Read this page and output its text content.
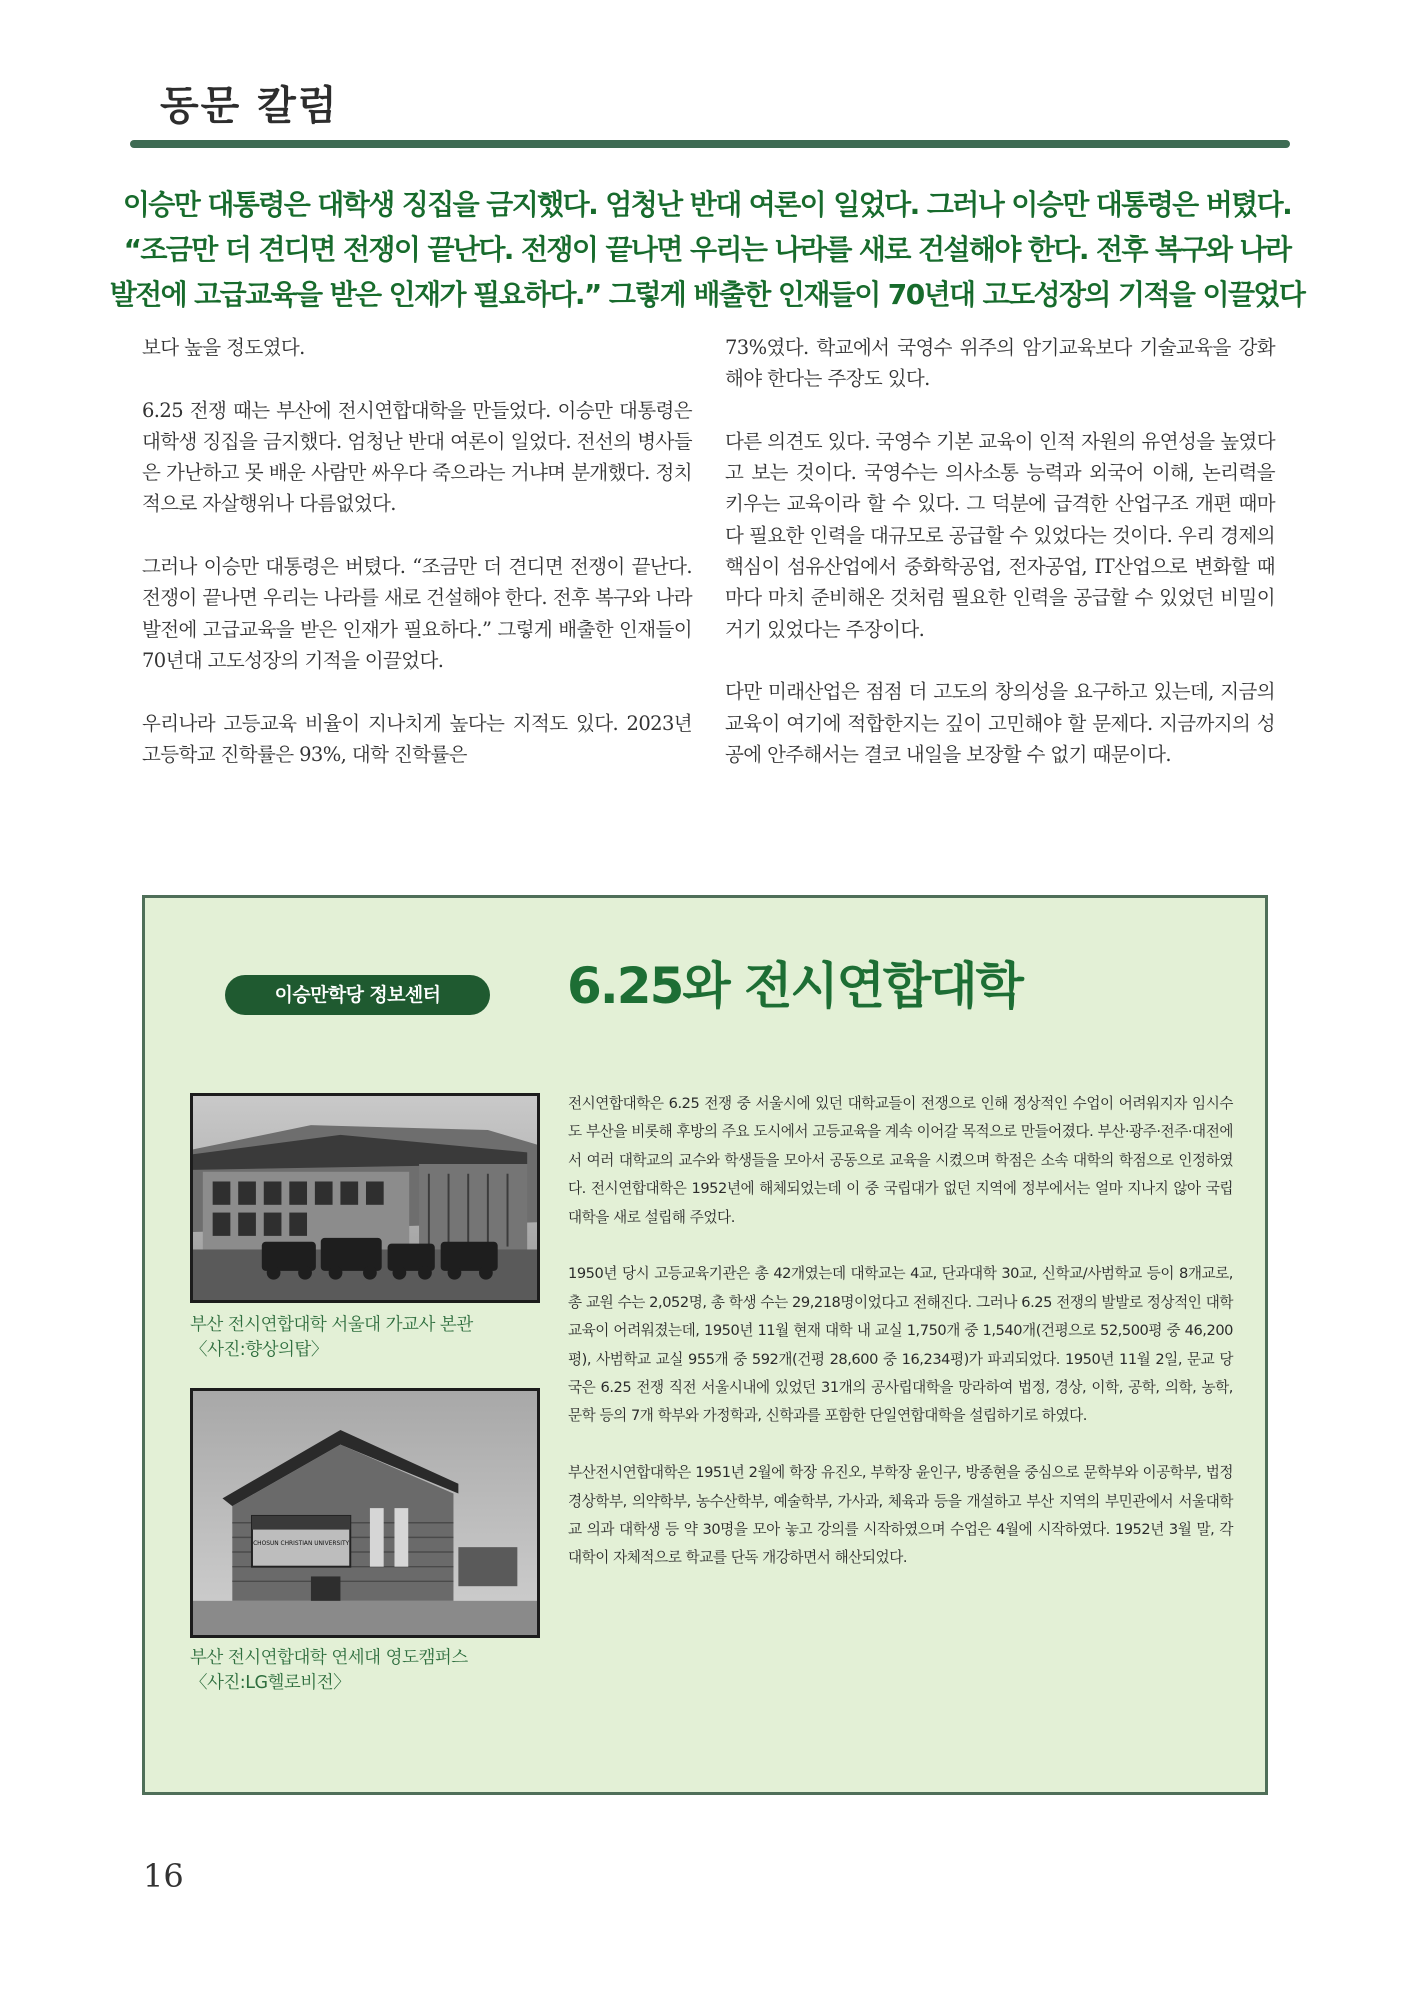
동문 칼럼
이승만 대통령은 대학생 징집을 금지했다. 엄청난 반대 여론이 일었다. 그러나 이승만 대통령은 버텼다.
“조금만 더 견디면 전쟁이 끝난다. 전쟁이 끝나면 우리는 나라를 새로 건설해야 한다. 전후 복구와 나라
발전에 고급교육을 받은 인재가 필요하다.” 그렇게 배출한 인재들이 70년대 고도성장의 기적을 이끌었다

보다 높을 정도였다.

6.25 전쟁 때는 부산에 전시연합대학을 만들었다. 이승만 대통령은 대학생 징집을 금지했다. 엄청난 반대 여론이 일었다. 전선의 병사들은 가난하고 못 배운 사람만 싸우다 죽으라는 거냐며 분개했다. 정치적으로 자살행위나 다름없었다.

그러나 이승만 대통령은 버텼다. “조금만 더 견디면 전쟁이 끝난다. 전쟁이 끝나면 우리는 나라를 새로 건설해야 한다. 전후 복구와 나라 발전에 고급교육을 받은 인재가 필요하다.” 그렇게 배출한 인재들이 70년대 고도성장의 기적을 이끌었다.

우리나라 고등교육 비율이 지나치게 높다는 지적도 있다. 2023년 고등학교 진학률은 93%, 대학 진학률은

73%였다. 학교에서 국영수 위주의 암기교육보다 기술교육을 강화해야 한다는 주장도 있다.

다른 의견도 있다. 국영수 기본 교육이 인적 자원의 유연성을 높였다고 보는 것이다. 국영수는 의사소통 능력과 외국어 이해, 논리력을 키우는 교육이라 할 수 있다. 그 덕분에 급격한 산업구조 개편 때마다 필요한 인력을 대규모로 공급할 수 있었다는 것이다. 우리 경제의 핵심이 섬유산업에서 중화학공업, 전자공업, IT산업으로 변화할 때마다 마치 준비해온 것처럼 필요한 인력을 공급할 수 있었던 비밀이 거기 있었다는 주장이다.

다만 미래산업은 점점 더 고도의 창의성을 요구하고 있는데, 지금의 교육이 여기에 적합한지는 깊이 고민해야 할 문제다. 지금까지의 성공에 안주해서는 결코 내일을 보장할 수 없기 때문이다.

이승만학당 정보센터	6.25와 전시연합대학
부산 전시연합대학 서울대 가교사 본관
〈사진:향상의탑〉
CHOSUN CHRISTIAN UNIVERSITY
부산 전시연합대학 연세대 영도캠퍼스
〈사진:LG헬로비전〉

전시연합대학은 6.25 전쟁 중 서울시에 있던 대학교들이 전쟁으로 인해 정상적인 수업이 어려워지자 임시수도 부산을 비롯해 후방의 주요 도시에서 고등교육을 계속 이어갈 목적으로 만들어졌다. 부산·광주·전주·대전에서 여러 대학교의 교수와 학생들을 모아서 공동으로 교육을 시켰으며 학점은 소속 대학의 학점으로 인정하였다. 전시연합대학은 1952년에 해체되었는데 이 중 국립대가 없던 지역에 정부에서는 얼마 지나지 않아 국립대학을 새로 설립해 주었다.

1950년 당시 고등교육기관은 총 42개였는데 대학교는 4교, 단과대학 30교, 신학교/사범학교 등이 8개교로, 총 교원 수는 2,052명, 총 학생 수는 29,218명이었다고 전해진다. 그러나 6.25 전쟁의 발발로 정상적인 대학교육이 어려워졌는데, 1950년 11월 현재 대학 내 교실 1,750개 중 1,540개(건평으로 52,500평 중 46,200평), 사범학교 교실 955개 중 592개(건평 28,600 중 16,234평)가 파괴되었다. 1950년 11월 2일, 문교 당국은 6.25 전쟁 직전 서울시내에 있었던 31개의 공사립대학을 망라하여 법정, 경상, 이학, 공학, 의학, 농학, 문학 등의 7개 학부와 가정학과, 신학과를 포함한 단일연합대학을 설립하기로 하였다.

부산전시연합대학은 1951년 2월에 학장 유진오, 부학장 윤인구, 방종현을 중심으로 문학부와 이공학부, 법정 경상학부, 의약학부, 농수산학부, 예술학부, 가사과, 체육과 등을 개설하고 부산 지역의 부민관에서 서울대학교 의과 대학생 등 약 30명을 모아 놓고 강의를 시작하였으며 수업은 4월에 시작하였다. 1952년 3월 말, 각 대학이 자체적으로 학교를 단독 개강하면서 해산되었다.

16
